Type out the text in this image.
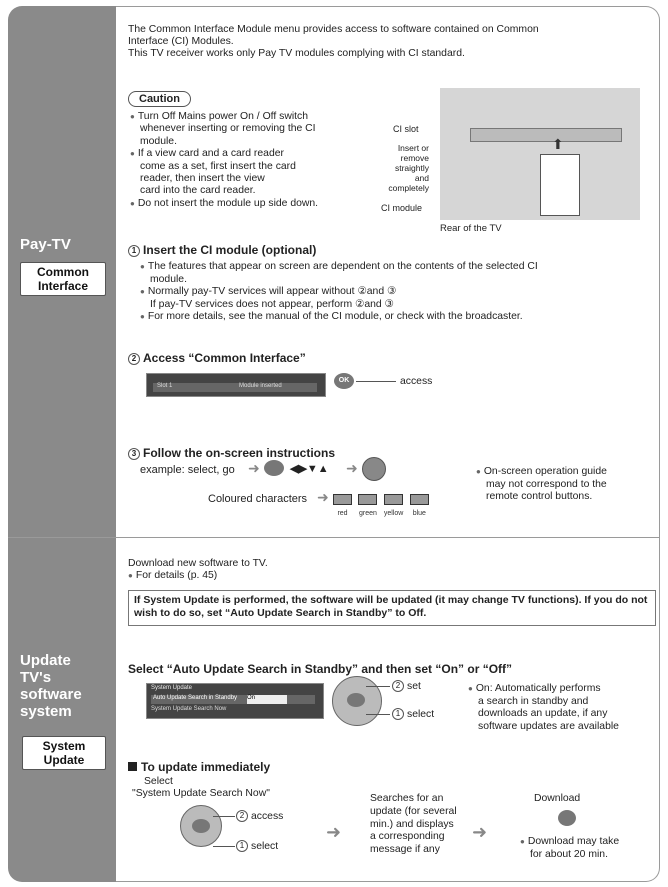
Pay-TV
Common Interface
Update
TV's
software
system
System Update
The Common Interface Module menu provides access to software contained on Common
Interface (CI) Modules.
This TV receiver works only Pay TV modules complying with CI standard.
Caution
● Turn Off Mains power On / Off switch
whenever inserting or removing the CI
module.
● If a view card and a card reader
come as a set, first insert the card
reader, then insert the view
card into the card reader.
● Do not insert the module up side down.
⬆
CI slot
Insert or
remove
straightly
and
completely
CI module
Rear of the TV
1 Insert the CI module (optional)
● The features that appear on screen are dependent on the contents of the selected CI
module.
● Normally pay-TV services will appear without ②and ③
If pay-TV services does not appear, perform ②and ③
● For more details, see the manual of the CI module, or check with the broadcaster.
2 Access “Common Interface”
Slot 1	Module inserted
OK	access
3 Follow the on-screen instructions
example: select, go ➜	◀▶▼▲ ➜
Coloured characters ➜
red
	green
yellow
	blue
● On-screen operation guide
may not correspond to the
remote control buttons.
Download new software to TV.
● For details (p. 45)
If System Update is performed, the software will be updated (it may change TV functions). If you do not wish to do so, set “Auto Update Search in Standby” to Off.
Select “Auto Update Search in Standby” and then set “On” or “Off”
System Update
Auto Update Search in Standby On
System Update Search Now
2 set
1 select
● On: Automatically performs
a search in standby and
downloads an update, if any
software updates are available
To update immediately
Select
"System Update Search Now"
2 access
1 select
➜
Searches for an
update (for several
min.) and displays
a corresponding
message if any
➜
Download
● Download may take
for about 20 min.
